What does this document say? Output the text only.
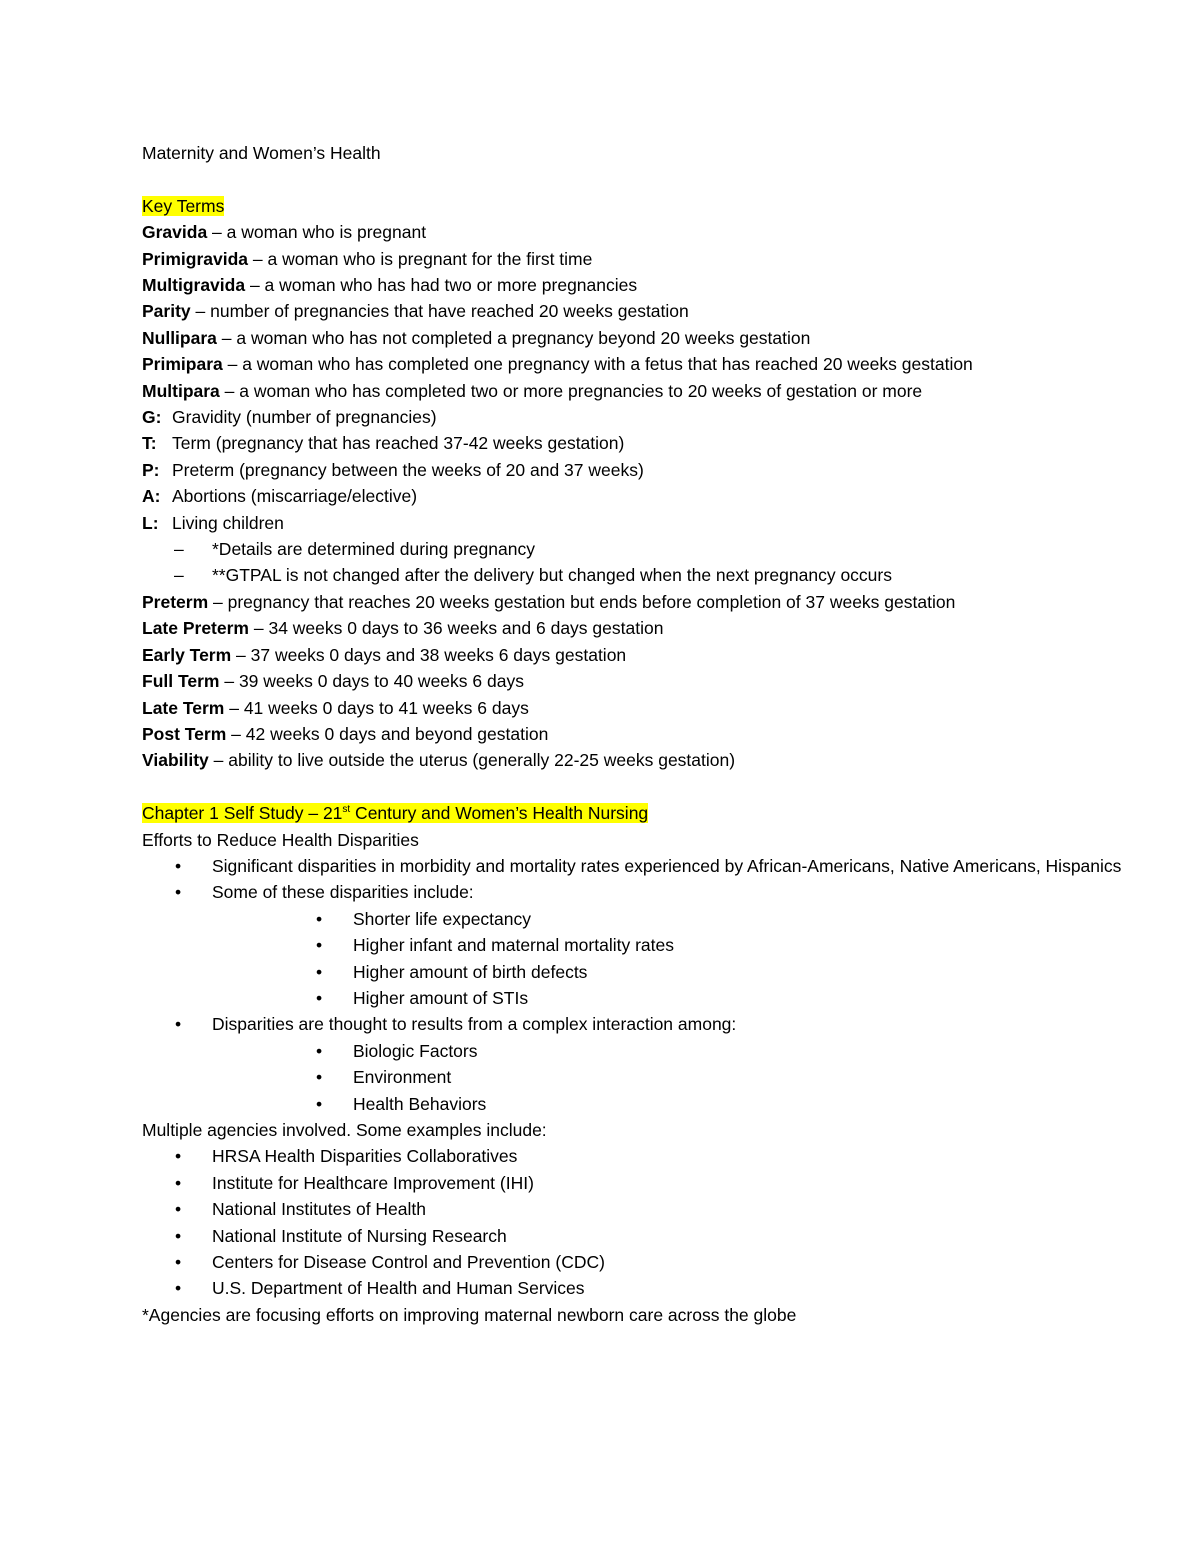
Maternity and Women’s Health
Key Terms
Gravida – a woman who is pregnant
Primigravida – a woman who is pregnant for the first time
Multigravida – a woman who has had two or more pregnancies
Parity – number of pregnancies that have reached 20 weeks gestation
Nullipara – a woman who has not completed a pregnancy beyond 20 weeks gestation
Primipara – a woman who has completed one pregnancy with a fetus that has reached 20 weeks gestation
Multipara – a woman who has completed two or more pregnancies to 20 weeks of gestation or more
G: Gravidity (number of pregnancies)
T: Term (pregnancy that has reached 37-42 weeks gestation)
P: Preterm (pregnancy between the weeks of 20 and 37 weeks)
A: Abortions (miscarriage/elective)
L: Living children
– *Details are determined during pregnancy
– **GTPAL is not changed after the delivery but changed when the next pregnancy occurs
Preterm – pregnancy that reaches 20 weeks gestation but ends before completion of 37 weeks gestation
Late Preterm – 34 weeks 0 days to 36 weeks and 6 days gestation
Early Term – 37 weeks 0 days and 38 weeks 6 days gestation
Full Term – 39 weeks 0 days to 40 weeks 6 days
Late Term – 41 weeks 0 days to 41 weeks 6 days
Post Term – 42 weeks 0 days and beyond gestation
Viability – ability to live outside the uterus (generally 22-25 weeks gestation)
Chapter 1 Self Study – 21st Century and Women’s Health Nursing
Efforts to Reduce Health Disparities
• Significant disparities in morbidity and mortality rates experienced by African-Americans, Native Americans, Hispanics
• Some of these disparities include:
• Shorter life expectancy
• Higher infant and maternal mortality rates
• Higher amount of birth defects
• Higher amount of STIs
• Disparities are thought to results from a complex interaction among:
• Biologic Factors
• Environment
• Health Behaviors
Multiple agencies involved. Some examples include:
• HRSA Health Disparities Collaboratives
• Institute for Healthcare Improvement (IHI)
• National Institutes of Health
• National Institute of Nursing Research
• Centers for Disease Control and Prevention (CDC)
• U.S. Department of Health and Human Services
*Agencies are focusing efforts on improving maternal newborn care across the globe
